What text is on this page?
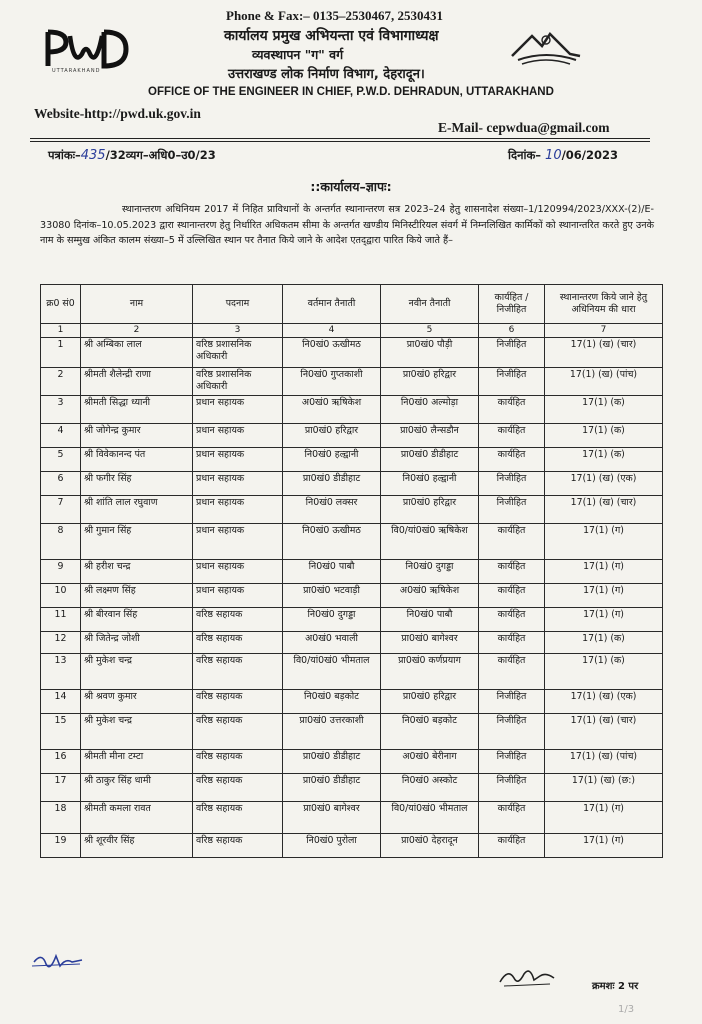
UTTARAKHAND
Phone & Fax:– 0135–2530467, 2530431
कार्यालय प्रमुख अभियन्ता एवं विभागाध्यक्ष
व्यवस्थापन "ग" वर्ग
उत्तराखण्ड लोक निर्माण विभाग, देहरादून।
OFFICE OF THE ENGINEER IN CHIEF, P.W.D. DEHRADUN, UTTARAKHAND
Website-http://pwd.uk.gov.in
E-Mail- cepwdua@gmail.com
पत्रांकः–435/32व्यग–अधि0–उ0/23	दिनांक– 10/06/2023
::कार्यालय–ज्ञापः:
स्थानान्तरण अधिनियम 2017 में निहित प्राविधानों के अन्तर्गत स्थानान्तरण सत्र 2023–24 हेतु शासनादेश संख्या–1/120994/2023/XXX-(2)/E-33080 दिनांक–10.05.2023 द्वारा स्थानान्तरण हेतु निर्धारित अधिकतम सीमा के अन्तर्गत खण्डीय मिनिस्टीरियल संवर्ग में निम्नलिखित कार्मिकों को स्थानान्तरित करते हुए उनके नाम के सम्मुख अंकित कालम संख्या–5 में उल्लिखित स्थान पर तैनात किये जाने के आदेश एतद्‌द्वारा पारित किये जाते हैं–
क्र0 सं0	नाम	पदनाम	वर्तमान तैनाती	नवीन तैनाती	कार्यहित / निजीहित	स्थानान्तरण किये जाने हेतु अधिनियम की धारा
1	2	3	4	5	6	7
1	श्री अम्बिका लाल	वरिष्ठ प्रशासनिक अधिकारी	नि0खं0 ऊखीमठ	प्रा0खं0 पौड़ी	निजीहित	17(1) (ख) (चार)
2	श्रीमती शैलेन्द्री राणा	वरिष्ठ प्रशासनिक अधिकारी	नि0खं0 गुप्तकाशी	प्रा0खं0 हरिद्वार	निजीहित	17(1) (ख) (पांच)
3	श्रीमती सिद्धा ध्यानी	प्रधान सहायक	अ0खं0 ऋषिकेश	नि0खं0 अल्मोड़ा	कार्यहित	17(1) (क)
4	श्री जोगेन्द्र कुमार	प्रधान सहायक	प्रा0खं0 हरिद्वार	प्रा0खं0 लैन्सडौन	कार्यहित	17(1) (क)
5	श्री विवेकानन्द पंत	प्रधान सहायक	नि0खं0 हल्द्वानी	प्रा0खं0 डीडीहाट	कार्यहित	17(1) (क)
6	श्री फगीर सिंह	प्रधान सहायक	प्रा0खं0 डीडीहाट	नि0खं0 हल्द्वानी	निजीहित	17(1) (ख) (एक)
7	श्री शांति लाल रघुवाण	प्रधान सहायक	नि0खं0 लक्सर	प्रा0खं0 हरिद्वार	निजीहित	17(1) (ख) (चार)
8	श्री गुमान सिंह	प्रधान सहायक	नि0खं0 ऊखीमठ	वि0/यां0खं0 ऋषिकेश	कार्यहित	17(1) (ग)
9	श्री हरीश चन्द्र	प्रधान सहायक	नि0खं0 पाबौ	नि0खं0 दुगड्डा	कार्यहित	17(1) (ग)
10	श्री लक्ष्मण सिंह	प्रधान सहायक	प्रा0खं0 भटवाड़ी	अ0खं0 ऋषिकेश	कार्यहित	17(1) (ग)
11	श्री बीरवान सिंह	वरिष्ठ सहायक	नि0खं0 दुगड्डा	नि0खं0 पाबौ	कार्यहित	17(1) (ग)
12	श्री जितेन्द्र जोशी	वरिष्ठ सहायक	अ0खं0 भवाली	प्रा0खं0 बागेश्वर	कार्यहित	17(1) (क)
13	श्री मुकेश चन्द्र	वरिष्ठ सहायक	वि0/यां0खं0 भीमताल	प्रा0खं0 कर्णप्रयाग	कार्यहित	17(1) (क)
14	श्री श्रवण कुमार	वरिष्ठ सहायक	नि0खं0 बड़कोट	प्रा0खं0 हरिद्वार	निजीहित	17(1) (ख) (एक)
15	श्री मुकेश चन्द्र	वरिष्ठ सहायक	प्रा0खं0 उत्तरकाशी	नि0खं0 बड़कोट	निजीहित	17(1) (ख) (चार)
16	श्रीमती मीना टम्टा	वरिष्ठ सहायक	प्रा0खं0 डीडीहाट	अ0खं0 बेरीनाग	निजीहित	17(1) (ख) (पांच)
17	श्री ठाकुर सिंह धामी	वरिष्ठ सहायक	प्रा0खं0 डीडीहाट	नि0खं0 अस्कोट	निजीहित	17(1) (ख) (छ:)
18	श्रीमती कमला रावत	वरिष्ठ सहायक	प्रा0खं0 बागेश्वर	वि0/यां0खं0 भीमताल	कार्यहित	17(1) (ग)
19	श्री शूरवीर सिंह	वरिष्ठ सहायक	नि0खं0 पुरोला	प्रा0खं0 देहरादून	कार्यहित	17(1) (ग)
क्रमशः 2 पर
1/3
